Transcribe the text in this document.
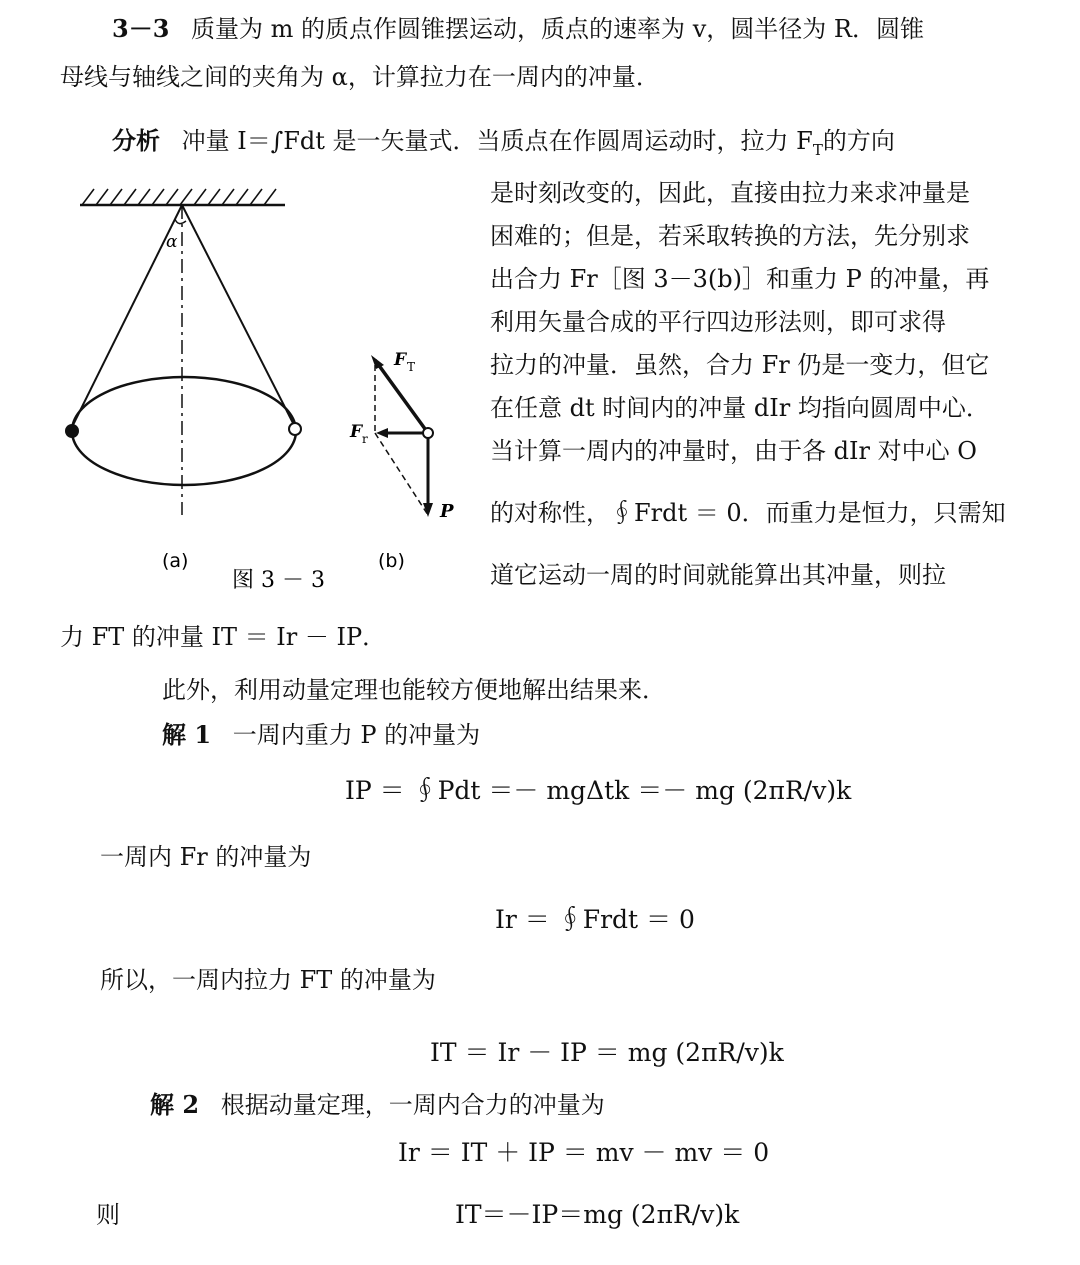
3－3 质量为 m 的质点作圆锥摆运动，质点的速率为 v，圆半径为 R．圆锥
母线与轴线之间的夹角为 α，计算拉力在一周内的冲量．
分析 冲量 I＝∫Fdt 是一矢量式．当质点在作圆周运动时，拉力 $F_T$的方向
是时刻改变的，因此，直接由拉力来求冲量是
困难的；但是，若采取转换的方法，先分别求
出合力 Fr［图 3－3(b)］和重力 P 的冲量，再
利用矢量合成的平行四边形法则，即可求得
拉力的冲量．虽然，合力 Fr 仍是一变力，但它
在任意 dt 时间内的冲量 dIr 均指向圆周中心．
当计算一周内的冲量时，由于各 dIr 对中心 O
的对称性，∮Frdt ＝ 0．而重力是恒力，只需知
道它运动一周的时间就能算出其冲量，则拉
力 FT 的冲量 IT ＝ Ir － IP．
α
F T
F r
P
(a)	(b)
图 3 － 3
此外，利用动量定理也能较方便地解出结果来．
解 1 一周内重力 P 的冲量为
IP ＝ ∮Pdt ＝－ mgΔtk ＝－ mg (2πR/v)k
一周内 Fr 的冲量为
Ir ＝ ∮Frdt ＝ 0
所以，一周内拉力 FT 的冲量为
IT ＝ Ir － IP ＝ mg (2πR/v)k
解 2 根据动量定理，一周内合力的冲量为
Ir ＝ IT ＋ IP ＝ mv － mv ＝ 0
则	IT＝－IP＝mg (2πR/v)k
